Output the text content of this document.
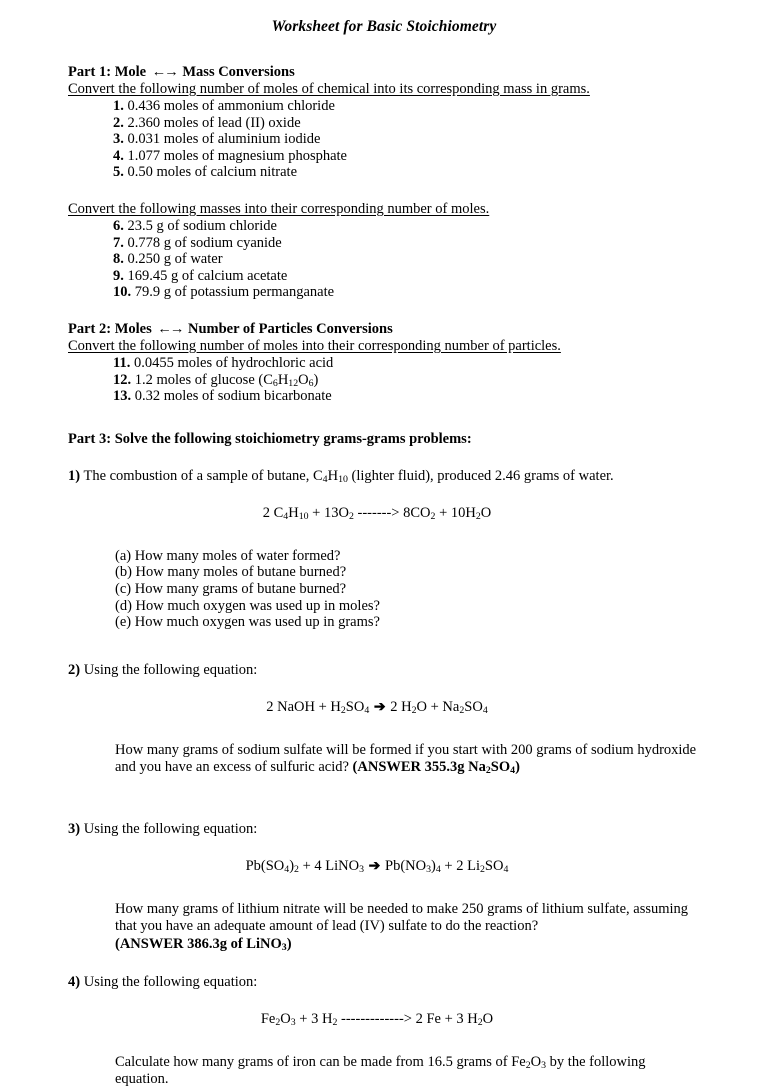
Worksheet for Basic Stoichiometry
Part 1: Mole ←→ Mass Conversions
Convert the following number of moles of chemical into its corresponding mass in grams.
1. 0.436 moles of ammonium chloride
2. 2.360 moles of lead (II) oxide
3. 0.031 moles of aluminium iodide
4. 1.077 moles of magnesium phosphate
5. 0.50 moles of calcium nitrate
Convert the following masses into their corresponding number of moles.
6. 23.5 g of sodium chloride
7. 0.778 g of sodium cyanide
8. 0.250 g of water
9. 169.45 g of calcium acetate
10. 79.9 g of potassium permanganate
Part 2: Moles ←→ Number of Particles Conversions
Convert the following number of moles into their corresponding number of particles.
11. 0.0455 moles of hydrochloric acid
12. 1.2 moles of glucose $(C_6H_{12}O_6)$
13. 0.32 moles of sodium bicarbonate
Part 3: Solve the following stoichiometry grams-grams problems:
1) The combustion of a sample of butane, $C_4H_{10}$ (lighter fluid), produced 2.46 grams of water.
2 $C_4H_{10} + 13O_2$ -------> $8CO_2 + 10H_2O$
(a) How many moles of water formed?
(b) How many moles of butane burned?
(c) How many grams of butane burned?
(d) How much oxygen was used up in moles?
(e) How much oxygen was used up in grams?
2) Using the following equation:
2 NaOH + $H_2SO_4$ ➔ 2 $H_2O + Na_2SO_4$
How many grams of sodium sulfate will be formed if you start with 200 grams of sodium hydroxide and you have an excess of sulfuric acid? (ANSWER 355.3g $Na_2SO_4$)
3) Using the following equation:
$Pb(SO_4)_2 + 4$ LiNO$_3$ ➔ $Pb(NO_3)_4 + 2$ $Li_2SO_4$
How many grams of lithium nitrate will be needed to make 250 grams of lithium sulfate, assuming that you have an adequate amount of lead (IV) sulfate to do the reaction?
(ANSWER 386.3g of LiNO$_3$)
4) Using the following equation:
$Fe_2O_3 + 3$ $H_2$ -------------> 2 Fe + 3 $H_2O$
Calculate how many grams of iron can be made from 16.5 grams of $Fe_2O_3$ by the following equation.
